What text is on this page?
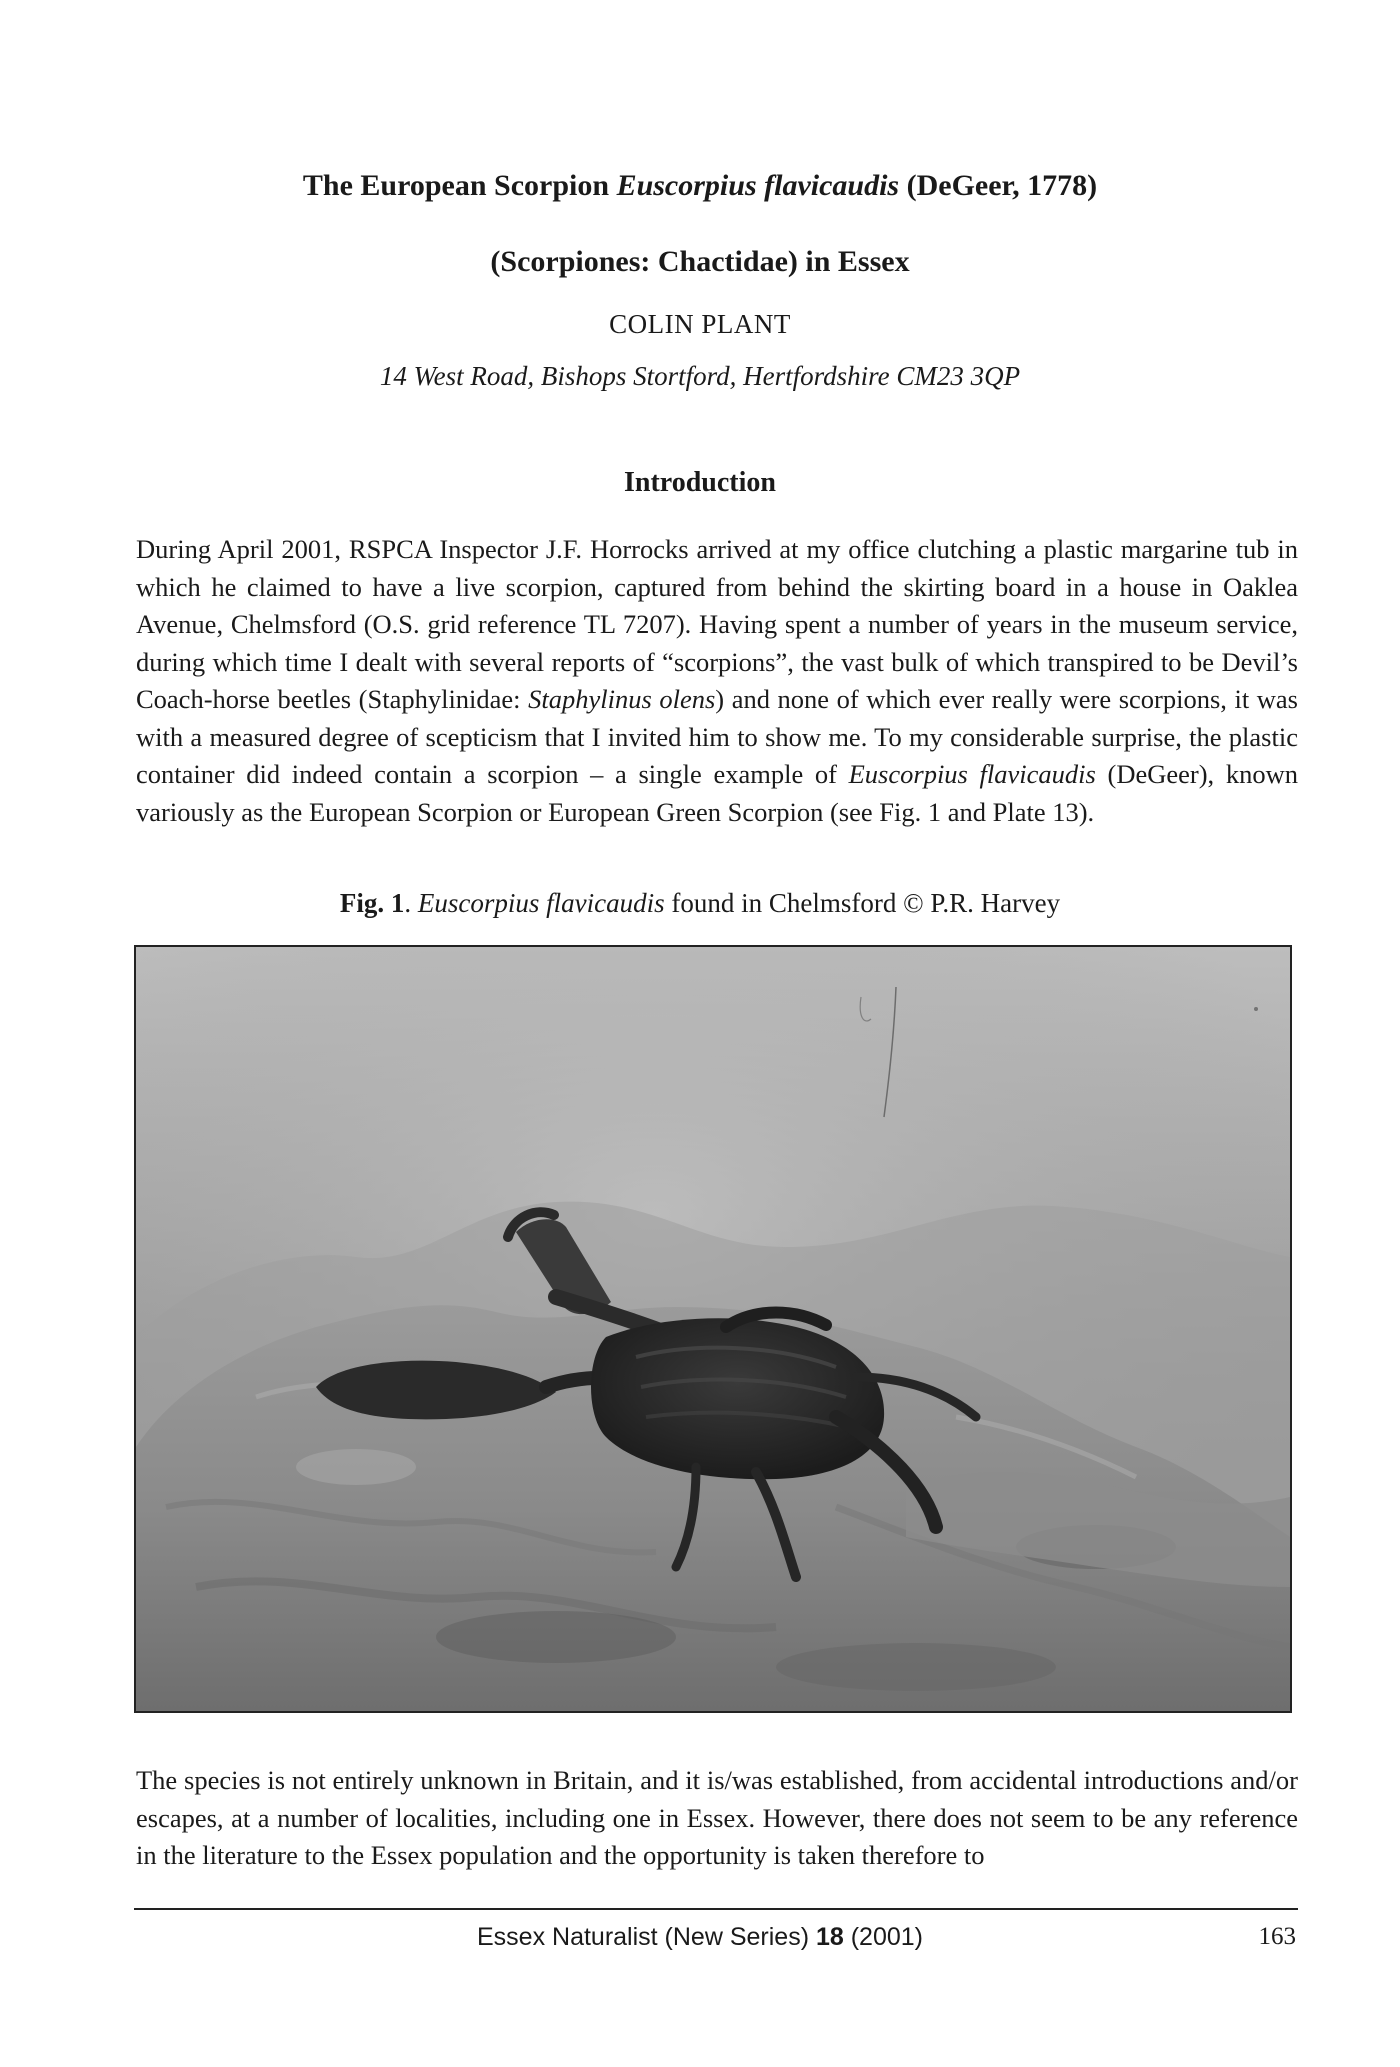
The European Scorpion Euscorpius flavicaudis (DeGeer, 1778)
(Scorpiones: Chactidae) in Essex
COLIN PLANT
14 West Road, Bishops Stortford, Hertfordshire CM23 3QP
Introduction
During April 2001, RSPCA Inspector J.F. Horrocks arrived at my office clutching a plastic margarine tub in which he claimed to have a live scorpion, captured from behind the skirting board in a house in Oaklea Avenue, Chelmsford (O.S. grid reference TL 7207). Having spent a number of years in the museum service, during which time I dealt with several reports of “scorpions”, the vast bulk of which transpired to be Devil’s Coach-horse beetles (Staphylinidae: Staphylinus olens) and none of which ever really were scorpions, it was with a measured degree of scepticism that I invited him to show me. To my considerable surprise, the plastic container did indeed contain a scorpion – a single example of Euscorpius flavicaudis (DeGeer), known variously as the European Scorpion or European Green Scorpion (see Fig. 1 and Plate 13).
Fig. 1. Euscorpius flavicaudis found in Chelmsford © P.R. Harvey
The species is not entirely unknown in Britain, and it is/was established, from accidental introductions and/or escapes, at a number of localities, including one in Essex. However, there does not seem to be any reference in the literature to the Essex population and the opportunity is taken therefore to
Essex Naturalist (New Series) 18 (2001)	163
